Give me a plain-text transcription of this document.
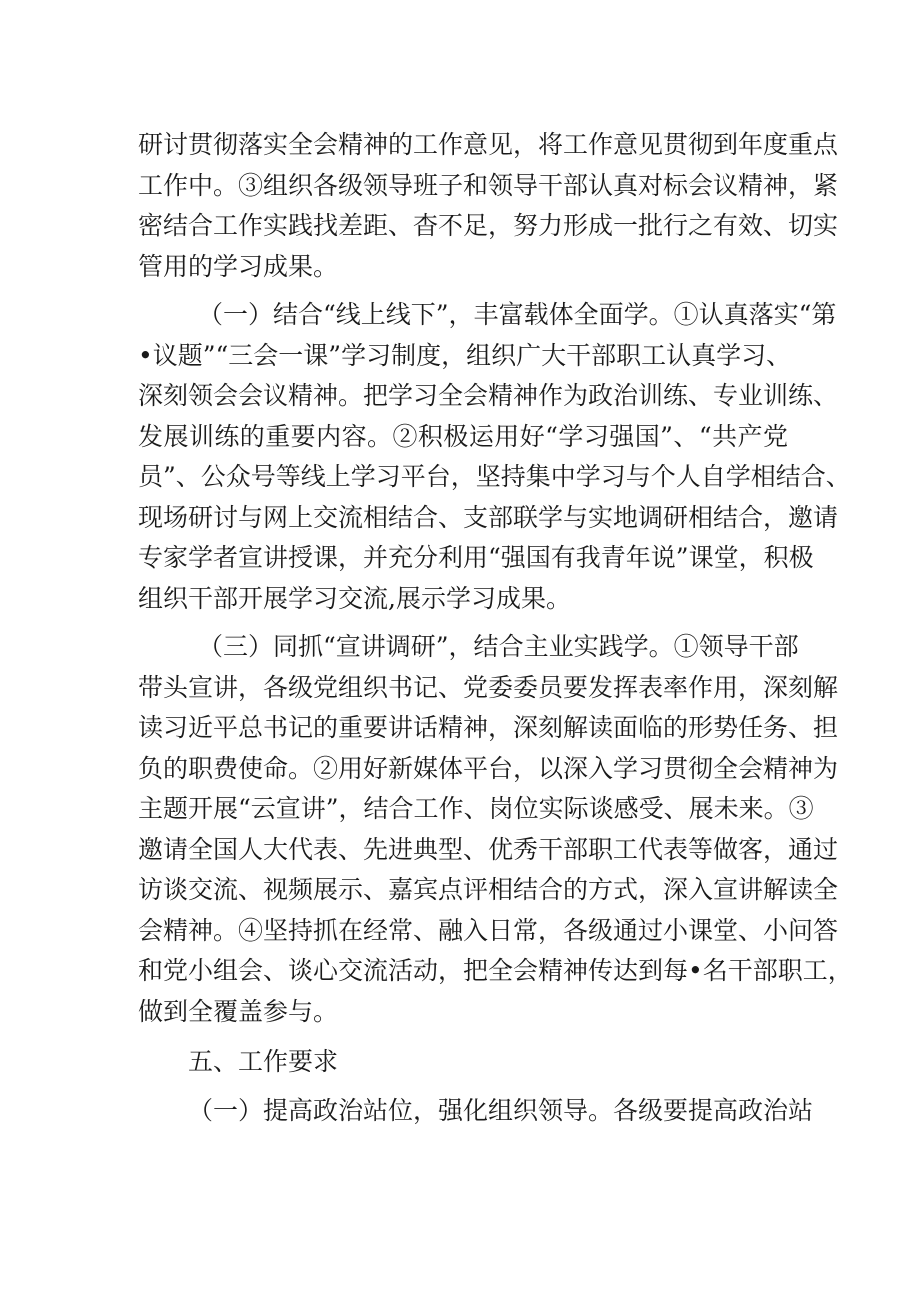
研讨贯彻落实全会精神的工作意见，将工作意见贯彻到年度重点
工作中。③组织各级领导班子和领导干部认真对标会议精神，紧
密结合工作实践找差距、杳不足，努力形成一批行之有效、切实
管用的学习成果。
（一）结合“线上线下”，丰富载体全面学。①认真落实“第
•议题”“三会一课”学习制度，组织广大干部职工认真学习、
深刻领会会议精神。把学习全会精神作为政治训练、专业训练、
发展训练的重要内容。②积极运用好“学习强国”、“共产党
员”、公众号等线上学习平台，坚持集中学习与个人自学相结合、
现场研讨与网上交流相结合、支部联学与实地调研相结合，邀请
专家学者宣讲授课，并充分利用“强国有我青年说”课堂，积极
组织干部开展学习交流,展示学习成果。
（三）同抓“宣讲调研”，结合主业实践学。①领导干部
带头宣讲，各级党组织书记、党委委员要发挥表率作用，深刻解
读习近平总书记的重要讲话精神，深刻解读面临的形势任务、担
负的职费使命。②用好新媒体平台，以深入学习贯彻全会精神为
主题开展“云宣讲”，结合工作、岗位实际谈感受、展未来。③
邀请全国人大代表、先进典型、优秀干部职工代表等做客，通过
访谈交流、视频展示、嘉宾点评相结合的方式，深入宣讲解读全
会精神。④坚持抓在经常、融入日常，各级通过小课堂、小问答
和党小组会、谈心交流活动，把全会精神传达到每•名干部职工，
做到全覆盖参与。
五、工作要求
（一）提高政治站位，强化组织领导。各级要提高政治站
